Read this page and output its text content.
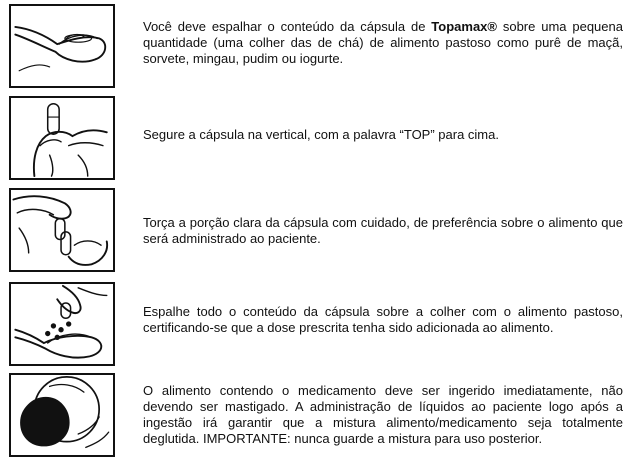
Você deve espalhar o conteúdo da cápsula de Topamax® sobre uma pequena quantidade (uma colher das de chá) de alimento pastoso como purê de maçã, sorvete, mingau, pudim ou iogurte.
Segure a cápsula na vertical, com a palavra “TOP” para cima.
Torça a porção clara da cápsula com cuidado, de preferência sobre o alimento que será administrado ao paciente.
Espalhe todo o conteúdo da cápsula sobre a colher com o alimento pastoso, certificando-se que a dose prescrita tenha sido adicionada ao alimento.
O alimento contendo o medicamento deve ser ingerido imediatamente, não devendo ser mastigado. A administração de líquidos ao paciente logo após a ingestão irá garantir que a mistura alimento/medicamento seja totalmente deglutida. IMPORTANTE: nunca guarde a mistura para uso posterior.
